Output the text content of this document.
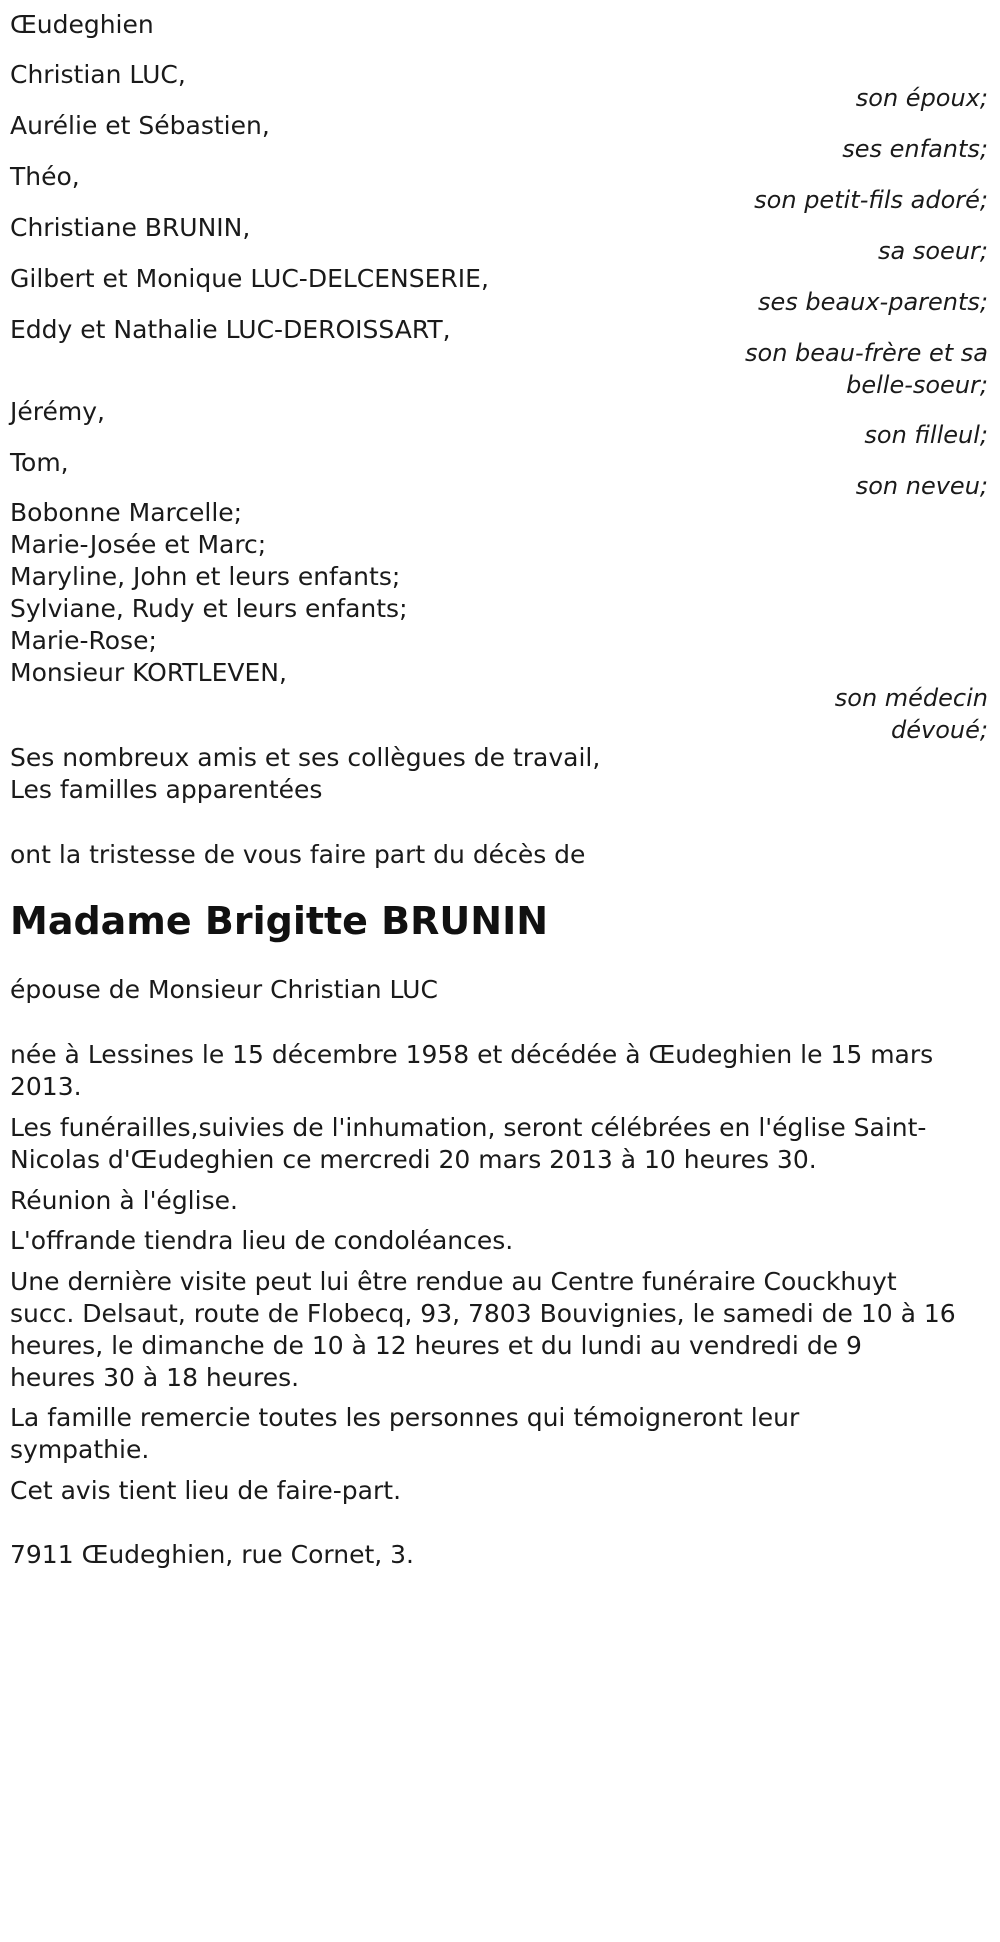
Œudeghien
Christian LUC,
son époux;
Aurélie et Sébastien,
ses enfants;
Théo,
son petit-fils adoré;
Christiane BRUNIN,
sa soeur;
Gilbert et Monique LUC-DELCENSERIE,
ses beaux-parents;
Eddy et Nathalie LUC-DEROISSART,
son beau-frère et sa
belle-soeur;
Jérémy,
son filleul;
Tom,
son neveu;
Bobonne Marcelle;
Marie-Josée et Marc;
Maryline, John et leurs enfants;
Sylviane, Rudy et leurs enfants;
Marie-Rose;
Monsieur KORTLEVEN,
son médecin
dévoué;
Ses nombreux amis et ses collègues de travail,
Les familles apparentées
ont la tristesse de vous faire part du décès de
Madame Brigitte BRUNIN
épouse de Monsieur Christian LUC
née à Lessines le 15 décembre 1958 et décédée à Œudeghien le 15 mars
2013.
Les funérailles,suivies de l'inhumation, seront célébrées en l'église Saint-
Nicolas d'Œudeghien ce mercredi 20 mars 2013 à 10 heures 30.
Réunion à l'église.
L'offrande tiendra lieu de condoléances.
Une dernière visite peut lui être rendue au Centre funéraire Couckhuyt
succ. Delsaut, route de Flobecq, 93, 7803 Bouvignies, le samedi de 10 à 16
heures, le dimanche de 10 à 12 heures et du lundi au vendredi de 9
heures 30 à 18 heures.
La famille remercie toutes les personnes qui témoigneront leur
sympathie.
Cet avis tient lieu de faire-part.
7911 Œudeghien, rue Cornet, 3.
